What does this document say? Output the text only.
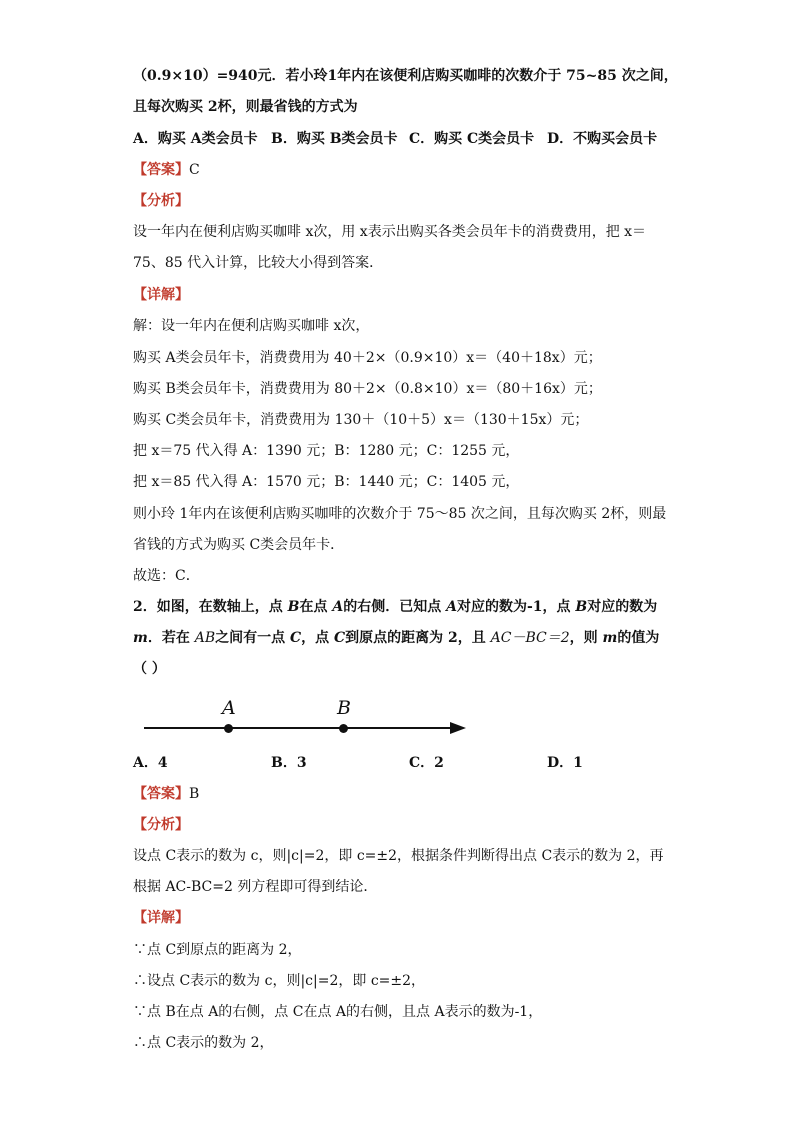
（0.9×10）=940元．若小玲1年内在该便利店购买咖啡的次数介于 75~85 次之间，
且每次购买 2杯，则最省钱的方式为
A．购买 A类会员卡 B．购买 B类会员卡 C．购买 C类会员卡 D．不购买会员卡
【答案】C
【分析】
设一年内在便利店购买咖啡 x次，用 x表示出购买各类会员年卡的消费费用，把 x＝
75、85 代入计算，比较大小得到答案．
【详解】
解：设一年内在便利店购买咖啡 x次，
购买 A类会员年卡，消费费用为 40＋2×（0.9×10）x＝（40＋18x）元；
购买 B类会员年卡，消费费用为 80＋2×（0.8×10）x＝（80＋16x）元；
购买 C类会员年卡，消费费用为 130＋（10＋5）x＝（130＋15x）元；
把 x＝75 代入得 A：1390 元；B：1280 元；C：1255 元，
把 x＝85 代入得 A：1570 元；B：1440 元；C：1405 元，
则小玲 1年内在该便利店购买咖啡的次数介于 75～85 次之间，且每次购买 2杯，则最
省钱的方式为购买 C类会员年卡．
故选：C．
2．如图，在数轴上，点 B在点 A的右侧．已知点 A对应的数为-1，点 B对应的数为
m．若在 AB之间有一点 C，点 C到原点的距离为 2，且 AC－BC＝2，则 m的值为
（ ）
A	B
A．4	B．3	C．2	D．1
【答案】B
【分析】
设点 C表示的数为 c，则|c|=2，即 c=±2，根据条件判断得出点 C表示的数为 2，再
根据 AC-BC=2 列方程即可得到结论．
【详解】
∵点 C到原点的距离为 2，
∴设点 C表示的数为 c，则|c|=2，即 c=±2，
∵点 B在点 A的右侧，点 C在点 A的右侧，且点 A表示的数为-1，
∴点 C表示的数为 2，
